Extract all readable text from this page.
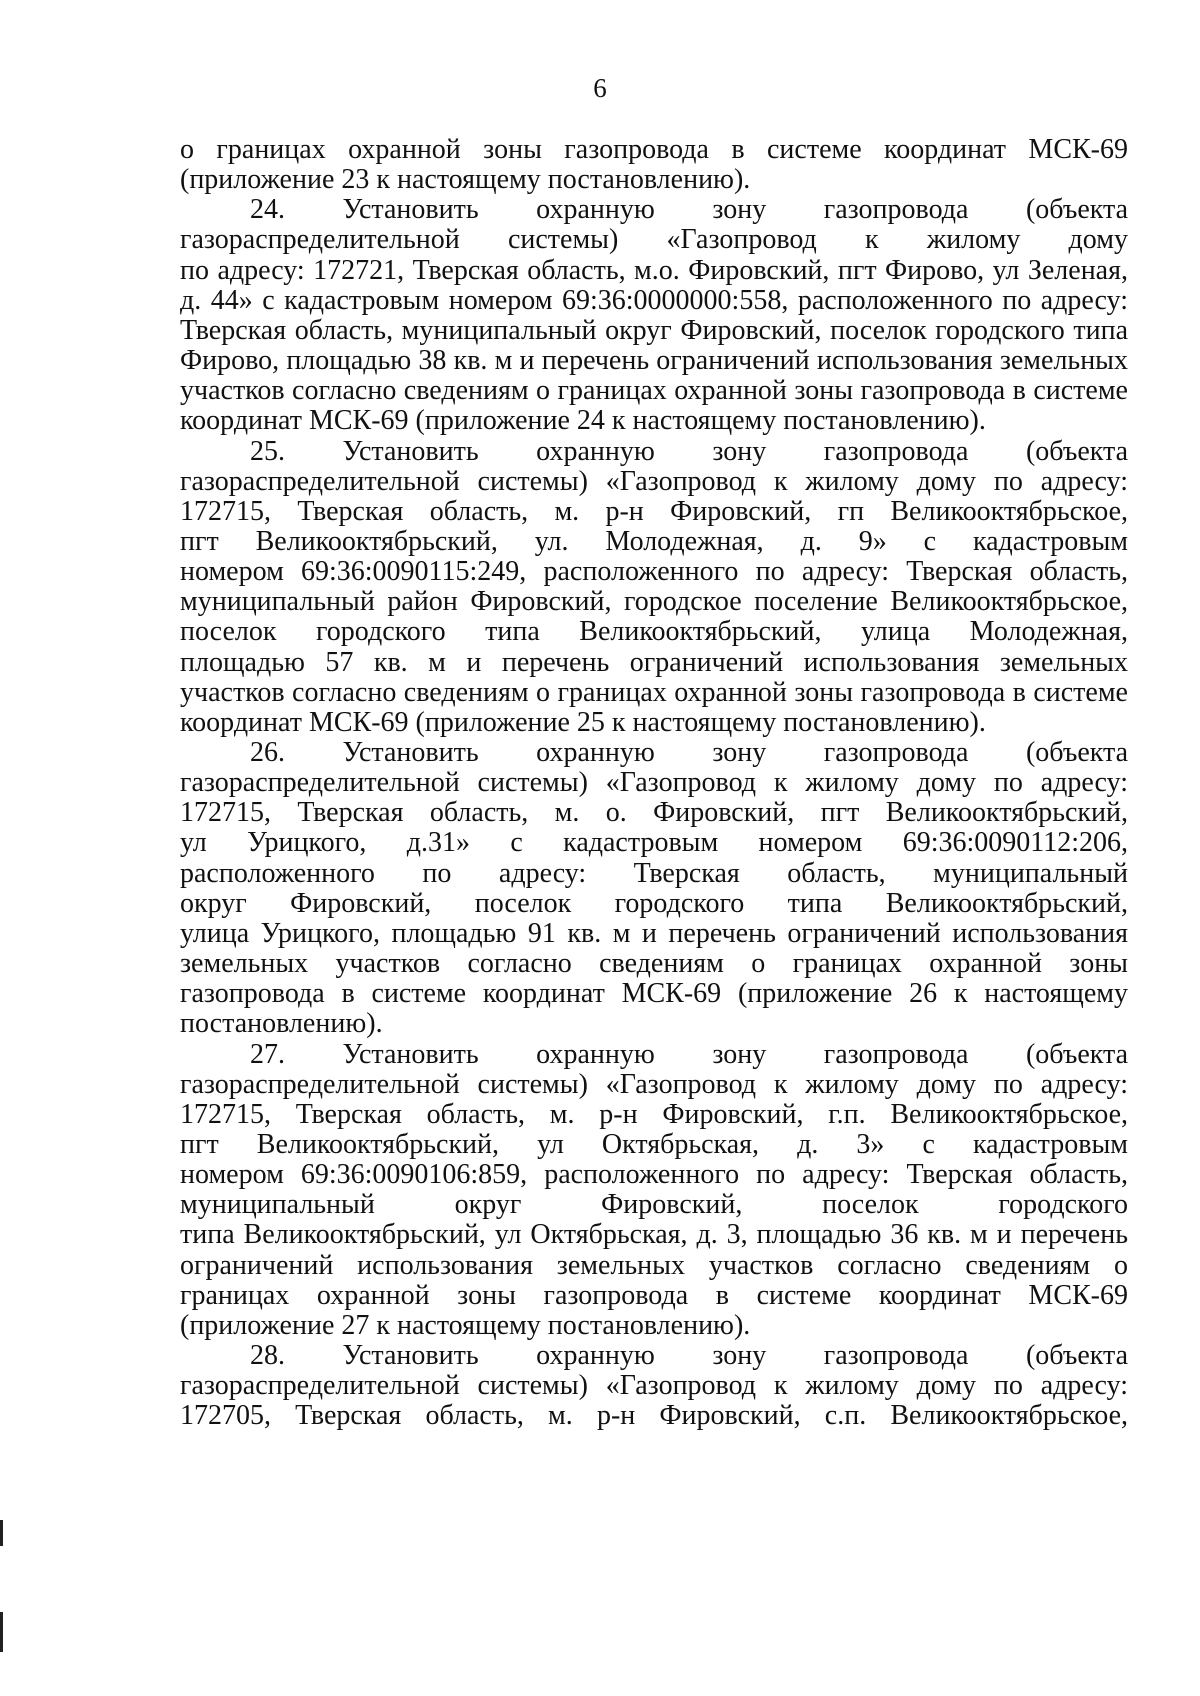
6
о границах охранной зоны газопровода в системе координат МСК-69
(приложение 23 к настоящему постановлению).
24. Установить охранную зону газопровода (объекта
газораспределительной системы) «Газопровод к жилому дому
по адресу: 172721, Тверская область, м.о. Фировский, пгт Фирово, ул Зеленая,
д. 44» с кадастровым номером 69:36:0000000:558, расположенного по адресу:
Тверская область, муниципальный округ Фировский, поселок городского типа
Фирово, площадью 38 кв. м и перечень ограничений использования земельных
участков согласно сведениям о границах охранной зоны газопровода в системе
координат МСК-69 (приложение 24 к настоящему постановлению).
25. Установить охранную зону газопровода (объекта
газораспределительной системы) «Газопровод к жилому дому по адресу:
172715, Тверская область, м. р-н Фировский, гп Великооктябрьское,
пгт Великооктябрьский, ул. Молодежная, д. 9» с кадастровым
номером 69:36:0090115:249, расположенного по адресу: Тверская область,
муниципальный район Фировский, городское поселение Великооктябрьское,
поселок городского типа Великооктябрьский, улица Молодежная,
площадью 57 кв. м и перечень ограничений использования земельных
участков согласно сведениям о границах охранной зоны газопровода в системе
координат МСК-69 (приложение 25 к настоящему постановлению).
26. Установить охранную зону газопровода (объекта
газораспределительной системы) «Газопровод к жилому дому по адресу:
172715, Тверская область, м. о. Фировский, пгт Великооктябрьский,
ул Урицкого, д.31» с кадастровым номером 69:36:0090112:206,
расположенного по адресу: Тверская область, муниципальный
округ Фировский, поселок городского типа Великооктябрьский,
улица Урицкого, площадью 91 кв. м и перечень ограничений использования
земельных участков согласно сведениям о границах охранной зоны
газопровода в системе координат МСК-69 (приложение 26 к настоящему
постановлению).
27. Установить охранную зону газопровода (объекта
газораспределительной системы) «Газопровод к жилому дому по адресу:
172715, Тверская область, м. р-н Фировский, г.п. Великооктябрьское,
пгт Великооктябрьский, ул Октябрьская, д. 3» с кадастровым
номером 69:36:0090106:859, расположенного по адресу: Тверская область,
муниципальный округ Фировский, поселок городского
типа Великооктябрьский, ул Октябрьская, д. 3, площадью 36 кв. м и перечень
ограничений использования земельных участков согласно сведениям о
границах охранной зоны газопровода в системе координат МСК-69
(приложение 27 к настоящему постановлению).
28. Установить охранную зону газопровода (объекта
газораспределительной системы) «Газопровод к жилому дому по адресу:
172705, Тверская область, м. р-н Фировский, с.п. Великооктябрьское,
